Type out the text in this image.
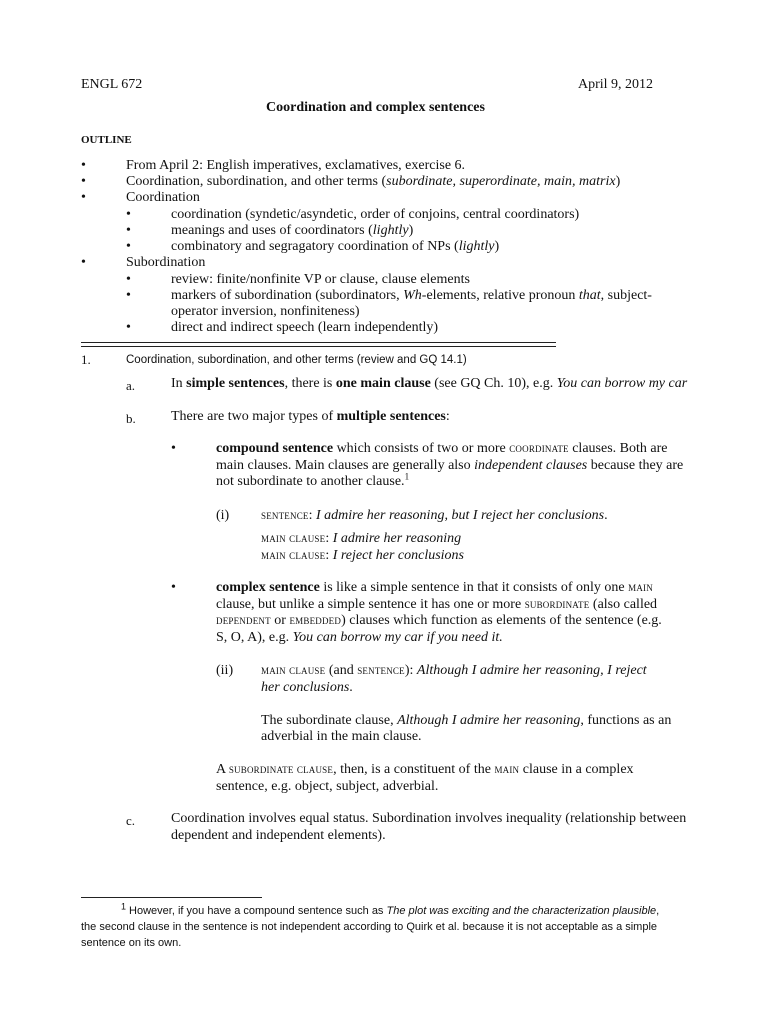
ENGL 672	April 9, 2012
Coordination and complex sentences
OUTLINE
•	From April 2: English imperatives, exclamatives, exercise 6.
•	Coordination, subordination, and other terms (subordinate, superordinate, main, matrix)
•	Coordination
•	coordination (syndetic/asyndetic, order of conjoins, central coordinators)
•	meanings and uses of coordinators (lightly)
•	combinatory and segragatory coordination of NPs (lightly)
•	Subordination
•	review: finite/nonfinite VP or clause, clause elements
•	markers of subordination (subordinators, Wh-elements, relative pronoun that, subject-
operator inversion, nonfiniteness)
•	direct and indirect speech (learn independently)
1.	Coordination, subordination, and other terms (review and GQ 14.1)
a.	In simple sentences, there is one main clause (see GQ Ch. 10), e.g. You can borrow my car
b.	There are two major types of multiple sentences:
•	compound sentence which consists of two or more coordinate clauses. Both are
main clauses. Main clauses are generally also independent clauses because they are
not subordinate to another clause.$^1$
(i)	sentence: I admire her reasoning, but I reject her conclusions.
main clause: I admire her reasoning
main clause: I reject her conclusions
•	complex sentence is like a simple sentence in that it consists of only one main
clause, but unlike a simple sentence it has one or more subordinate (also called
dependent or embedded) clauses which function as elements of the sentence (e.g.
S, O, A), e.g. You can borrow my car if you need it.
(ii) main clause (and sentence): Although I admire her reasoning, I reject
her conclusions.
The subordinate clause, Although I admire her reasoning, functions as an
adverbial in the main clause.
A subordinate clause, then, is a constituent of the main clause in a complex
sentence, e.g. object, subject, adverbial.
c.	Coordination involves equal status. Subordination involves inequality (relationship between
dependent and independent elements).
$^1$ However, if you have a compound sentence such as The plot was exciting and the characterization plausible,
the second clause in the sentence is not independent according to Quirk et al. because it is not acceptable as a simple
sentence on its own.
